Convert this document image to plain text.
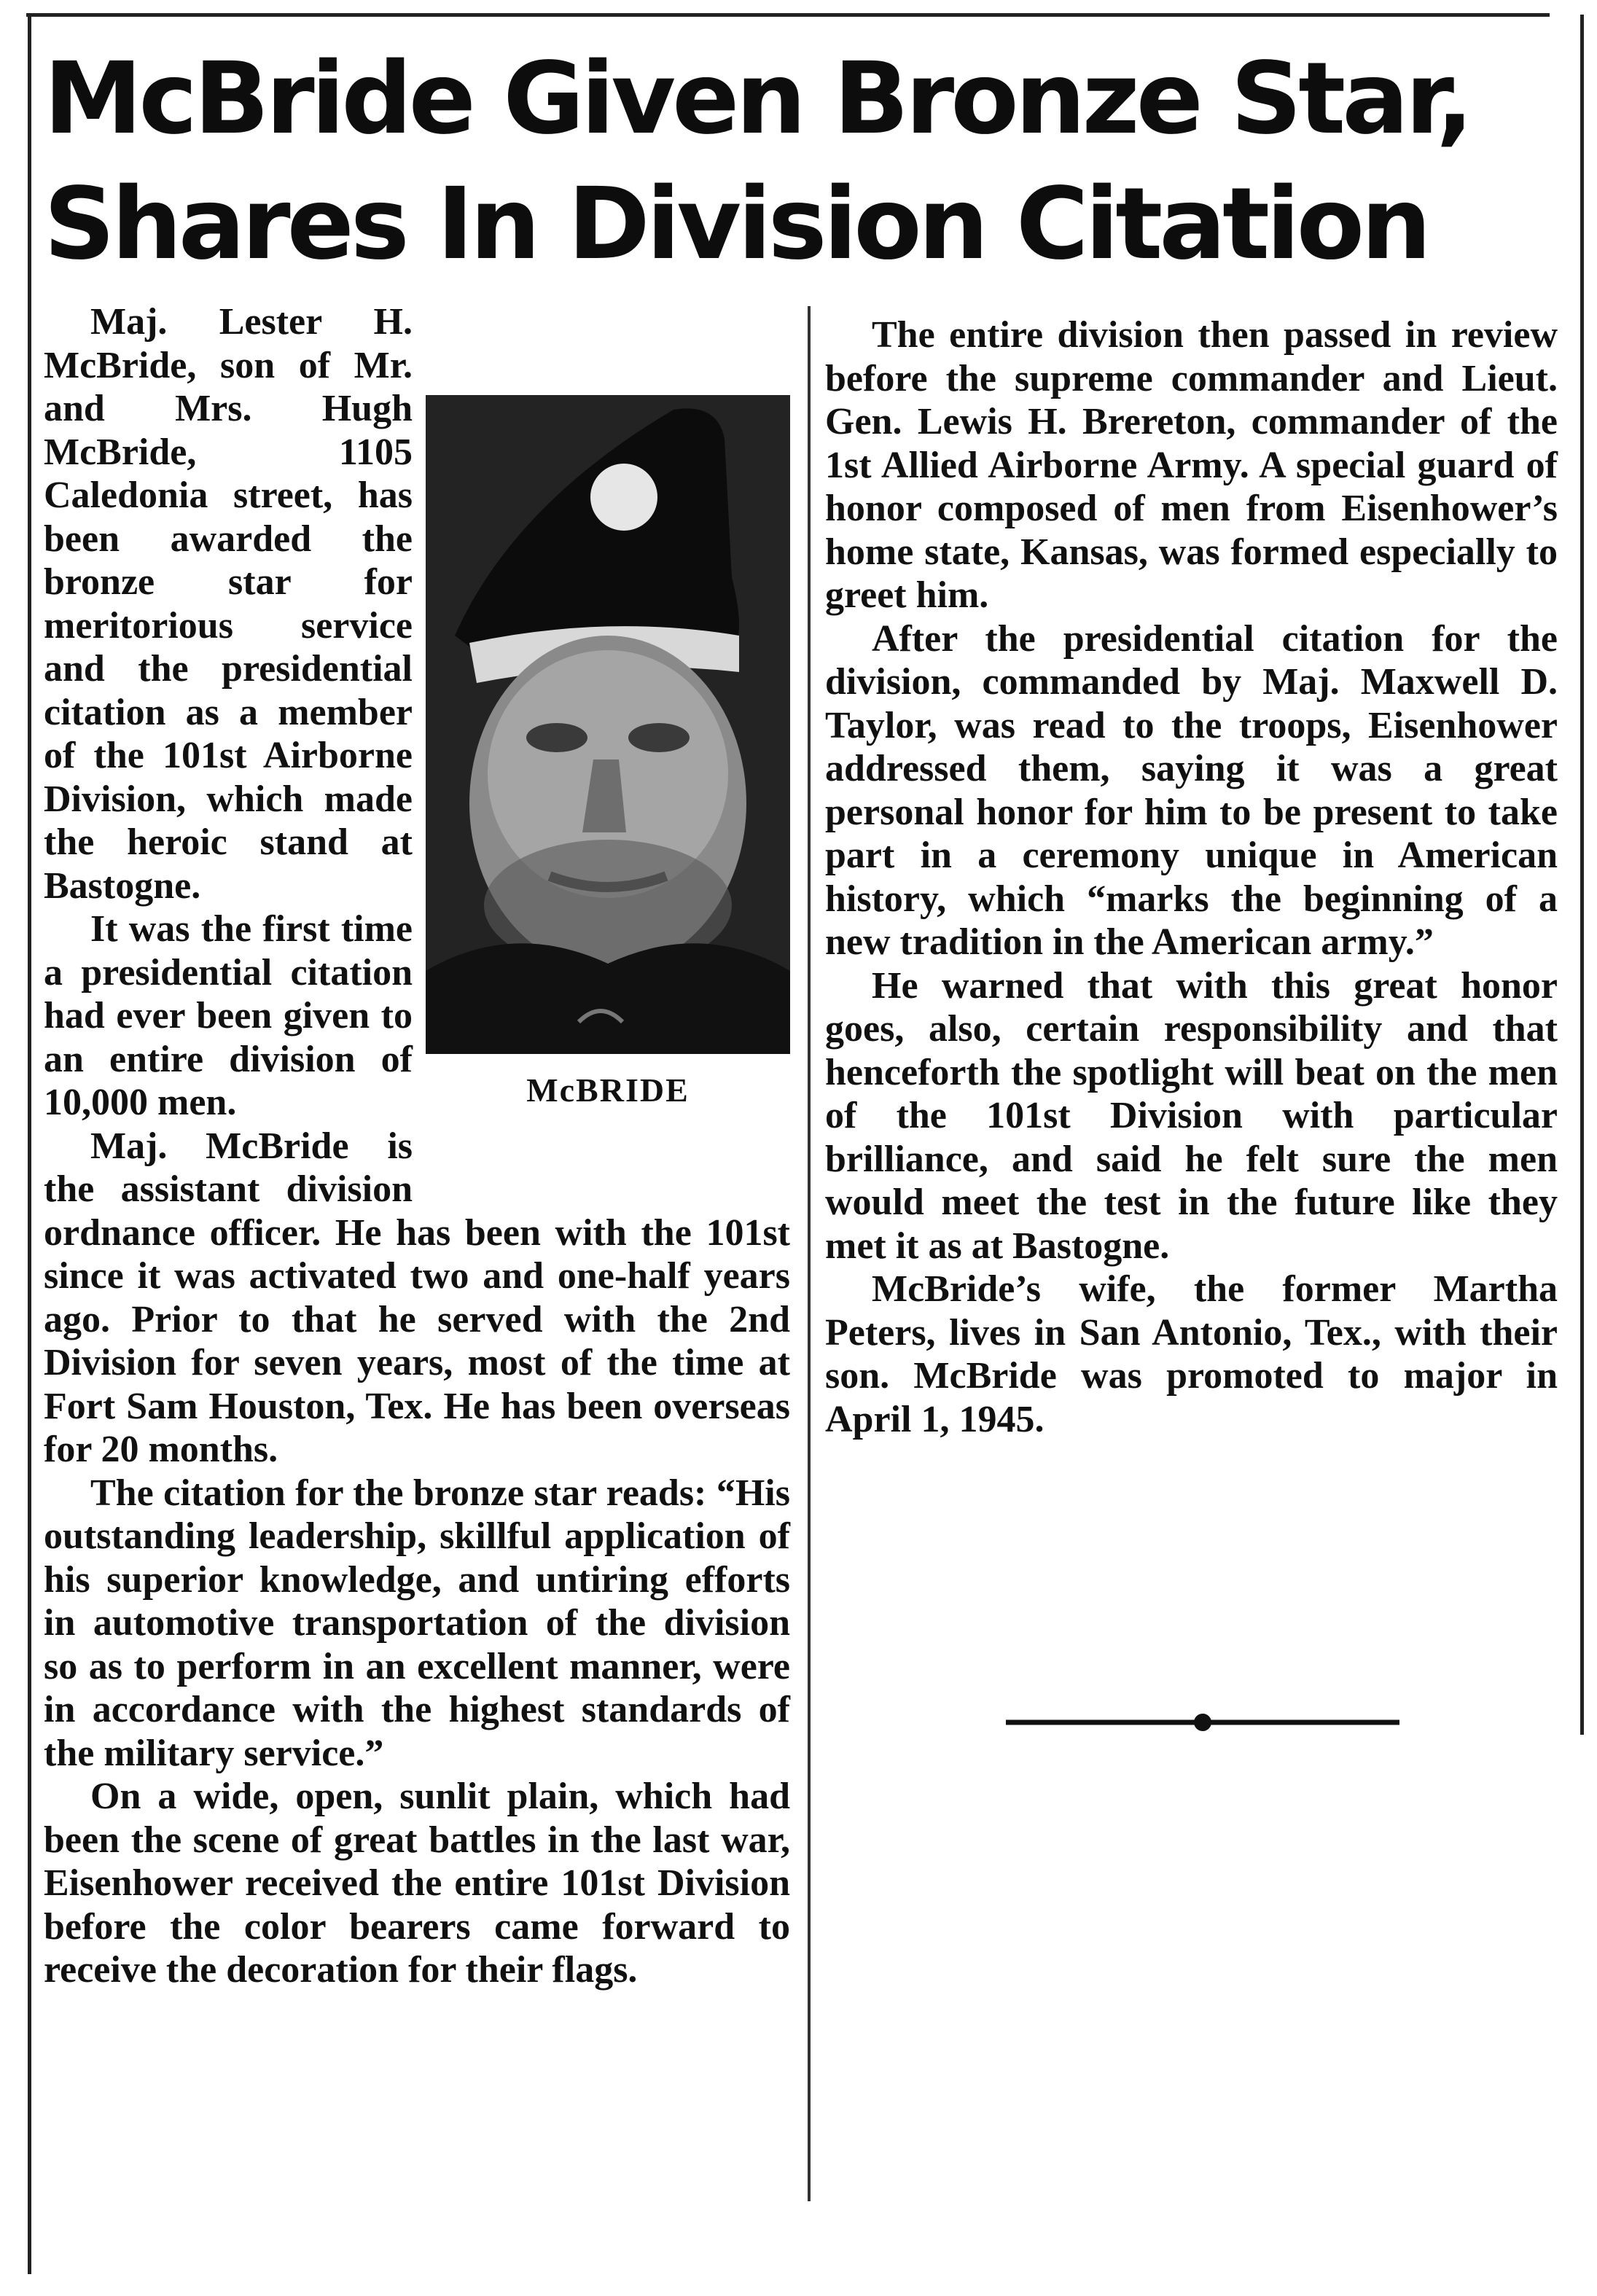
McBride Given Bronze Star,
Shares In Division Citation
McBRIDE

Maj. Lester H. McBride, son of Mr. and Mrs. Hugh McBride, 1105 Caledonia street, has been awarded the bronze star for meritorious service and the presidential citation as a member of the 101st Airborne Division, which made the heroic stand at Bastogne.

It was the first time a presidential citation had ever been given to an entire division of 10,000 men.

Maj. McBride is the assistant division ordnance officer. He has been with the 101st since it was activated two and one-half years ago. Prior to that he served with the 2nd Division for seven years, most of the time at Fort Sam Houston, Tex. He has been overseas for 20 months.

The citation for the bronze star reads: “His outstanding leadership, skillful application of his superior knowledge, and untiring efforts in automotive transportation of the division so as to perform in an excellent manner, were in accordance with the highest standards of the military service.”

On a wide, open, sunlit plain, which had been the scene of great battles in the last war, Eisenhower received the entire 101st Division before the color bearers came forward to receive the decoration for their flags.

The entire division then passed in review before the supreme commander and Lieut. Gen. Lewis H. Brereton, commander of the 1st Allied Airborne Army. A special guard of honor composed of men from Eisenhower’s home state, Kansas, was formed especially to greet him.

After the presidential citation for the division, commanded by Maj. Maxwell D. Taylor, was read to the troops, Eisenhower addressed them, saying it was a great personal honor for him to be present to take part in a ceremony unique in American history, which “marks the beginning of a new tradition in the American army.”

He warned that with this great honor goes, also, certain responsibility and that henceforth the spotlight will beat on the men of the 101st Division with particular brilliance, and said he felt sure the men would meet the test in the future like they met it as at Bastogne.

McBride’s wife, the former Martha Peters, lives in San Antonio, Tex., with their son. McBride was promoted to major in April 1, 1945.
